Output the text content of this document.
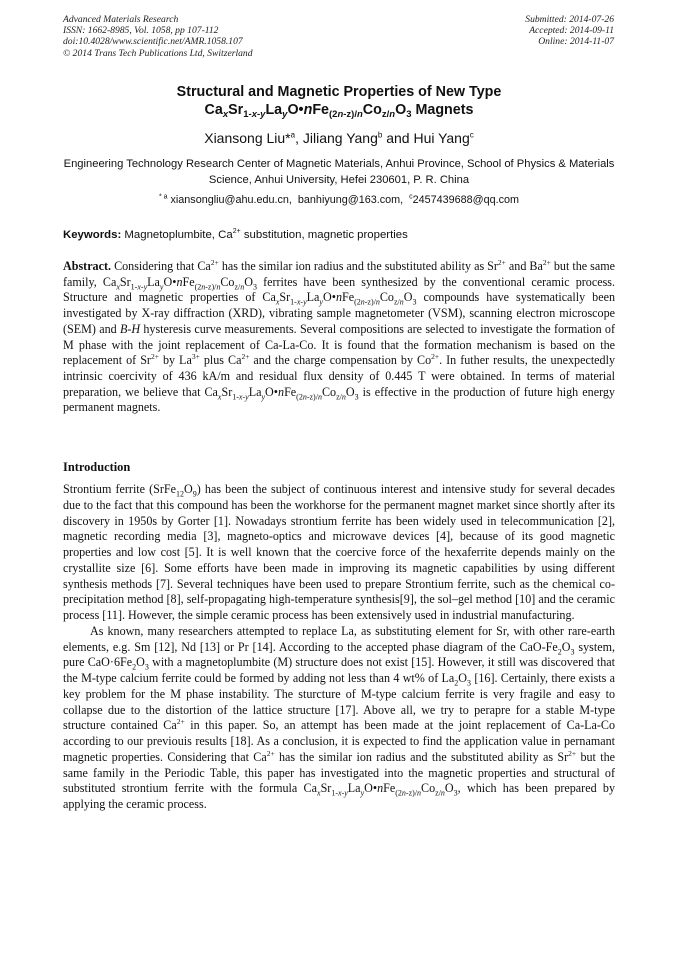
Advanced Materials Research
ISSN: 1662-8985, Vol. 1058, pp 107-112
doi:10.4028/www.scientific.net/AMR.1058.107
© 2014 Trans Tech Publications Ltd, Switzerland
Submitted: 2014-07-26
Accepted: 2014-09-11
Online: 2014-11-07
Structural and Magnetic Properties of New Type
$Ca_xSr_{1-x-y}La_yO•nFe_{(2n-z)/n}Co_{z/n}O_3$ Magnets
Xiansong Liu*$^a$, Jiliang Yang$^b$ and Hui Yang$^c$
Engineering Technology Research Center of Magnetic Materials, Anhui Province, School of Physics & Materials Science, Anhui University, Hefei 230601, P. R. China
$^{* a}$ xiansongliu@ahu.edu.cn, banhiyung@163.com, $^c$2457439688@qq.com
Keywords: Magnetoplumbite, $Ca^{2+}$ substitution, magnetic properties
Abstract. Considering that $Ca^{2+}$ has the similar ion radius and the substituted ability as $Sr^{2+}$ and $Ba^{2+}$ but the same family, $Ca_xSr_{1-x-y}La_yO•nFe_{(2n-z)/n}Co_{z/n}O_3$ ferrites have been synthesized by the conventional ceramic process. Structure and magnetic properties of $Ca_xSr_{1-x-y}La_yO•nFe_{(2n-z)/n}Co_{z/n}O_3$ compounds have systematically been investigated by X-ray diffraction (XRD), vibrating sample magnetometer (VSM), scanning electron microscope (SEM) and B-H hysteresis curve measurements. Several compositions are selected to investigate the formation of M phase with the joint replacement of Ca-La-Co. It is found that the formation mechanism is based on the replacement of $Sr^{2+}$ by $La^{3+}$ plus $Ca^{2+}$ and the charge compensation by $Co^{2+}$. In futher results, the unexpectedly intrinsic coercivity of 436 kA/m and residual flux density of 0.445 T were obtained. In terms of material preparation, we believe that $Ca_xSr_{1-x-y}La_yO•nFe_{(2n-z)/n}Co_{z/n}O_3$ is effective in the production of future high energy permanent magnets.
Introduction

Strontium ferrite $(SrFe_{12}O_9)$ has been the subject of continuous interest and intensive study for several decades due to the fact that this compound has been the workhorse for the permanent magnet market since shortly after its discovery in 1950s by Gorter [1]. Nowadays strontium ferrite has been widely used in telecommunication [2], magnetic recording media [3], magneto-optics and microwave devices [4], because of its good magnetic properties and low cost [5]. It is well known that the coercive force of the hexaferrite depends mainly on the crystallite size [6]. Some efforts have been made in improving its magnetic capabilities by using different synthesis methods [7]. Several techniques have been used to prepare Strontium ferrite, such as the chemical co-precipitation method [8], self-propagating high-temperature synthesis[9], the sol–gel method [10] and the ceramic process [11]. However, the simple ceramic process has been extensively used in industrial manufacturing.

As known, many researchers attempted to replace La, as substituting element for Sr, with other rare-earth elements, e.g. Sm [12], Nd [13] or Pr [14]. According to the accepted phase diagram of the CaO-$Fe_2O_3$ system, pure $CaO\cdot 6Fe_2O_3$ with a magnetoplumbite (M) structure does not exist [15]. However, it still was discovered that the M-type calcium ferrite could be formed by adding not less than 4 wt% of $La_2O_3$ [16]. Certainly, there exists a key problem for the M phase instability. The sturcture of M-type calcium ferrite is very fragile and easy to collapse due to the distortion of the lattice structure [17]. Above all, we try to perapre for a stable M-type structure contained $Ca^{2+}$ in this paper. So, an attempt has been made at the joint replacement of Ca-La-Co according to our previouis results [18]. As a conclusion, it is expected to find the application value in pernamant magnetic properties. Considering that $Ca^{2+}$ has the similar ion radius and the substituted ability as $Sr^{2+}$ but the same family in the Periodic Table, this paper has investigated into the magnetic properties and structural of substituted strontium ferrite with the formula $Ca_xSr_{1-x-y}La_yO•nFe_{(2n-z)/n}Co_{z/n}O_3$, which has been prepared by applying the ceramic process.
